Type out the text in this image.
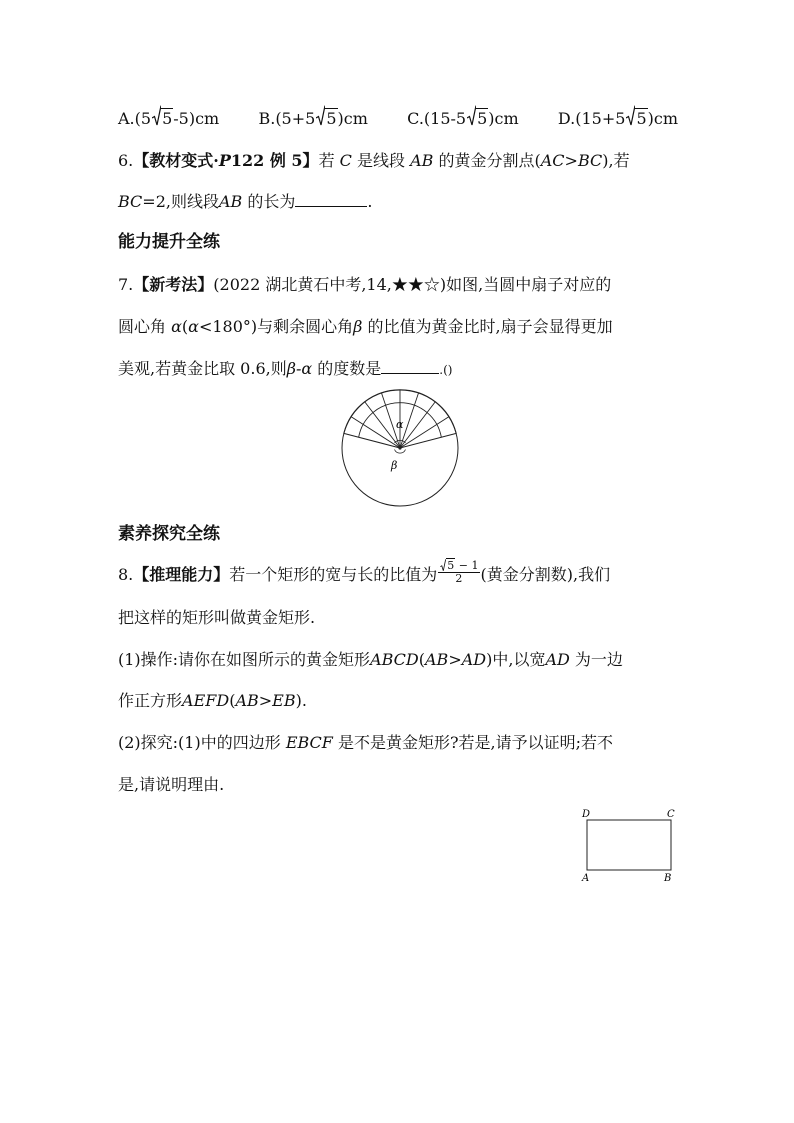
A.(5 5-5)cm B.(5+5 5)cm C.(15-5 5)cm D.(15+5 5)cm
6.【教材变式·P122 例 5】若 C 是线段 AB 的黄金分割点(AC>BC),若
BC=2,则线段AB 的长为	.
能力提升全练
7.【新考法】(2022 湖北黄石中考,14,★★☆)如图,当圆中扇子对应的
圆心角 α(α<180°)与剩余圆心角β 的比值为黄金比时,扇子会显得更加
美观,若黄金比取 0.6,则β-α 的度数是	.()
α
β
素养探究全练
8.【推理能力】若一个矩形的宽与长的比值为 $\frac{5 - 1}{2}$ (黄金分割数),我们
把这样的矩形叫做黄金矩形.
(1)操作:请你在如图所示的黄金矩形ABCD(AB>AD)中,以宽AD 为一边
作正方形AEFD(AB>EB).
(2)探究:(1)中的四边形 EBCF 是不是黄金矩形?若是,请予以证明;若不
是,请说明理由.
D	C
A	B
